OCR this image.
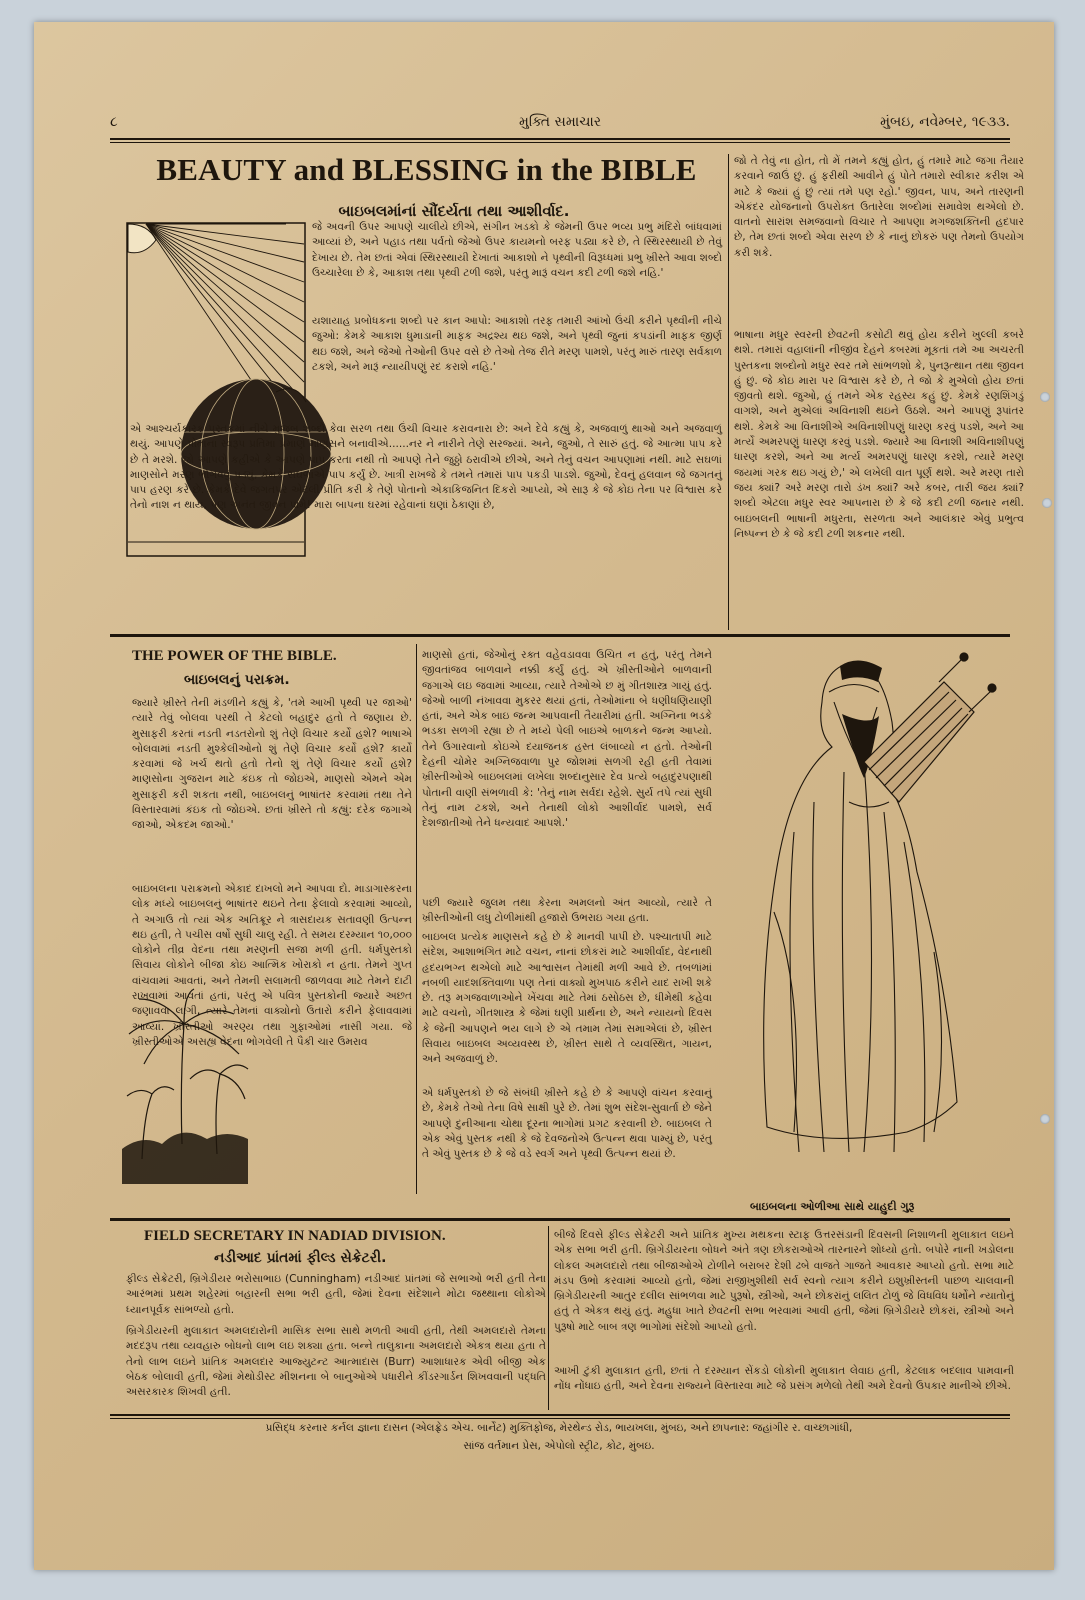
૮	મુક્તિ સમાચાર	મુંબઇ, નવેમ્બર, ૧૯૩૩.
BEAUTY and BLESSING in the BIBLE
બાઇબલમાંનાં સૌંદર્યતા તથા આશીર્વાદ.
જે અવની ઉપર આપણે ચાલીયે છીએ, સંગીન ખડકો કે જેમની ઉપર ભવ્ય પ્રભુ મંદિરો બાંધવામાં આવ્યાં છે, અને પહાડ તથા પર્વતો જેઓ ઉપર કાયમનો બરફ પડ્યા કરે છે, તે સ્થિરસ્થાયી છે તેવું દેખાય છે. તેમ છતાં એવાં સ્થિરસ્થાયી દેખાતાં આકાશો ને પૃથ્વીની વિરૂધ્ધમાં પ્રભુ ખ્રીસ્તે આવા શબ્દો ઉચ્ચારેલા છે કે, આકાશ તથા પૃથ્વી ટળી જશે, પરંતુ મારૂં વચન કદી ટળી જશે નહિ.'
યશાયાહ પ્રબોધકના શબ્દો પર કાન આપો: આકાશો તરફ તમારી આંખો ઉંચી કરીને પૃથ્વીની નીચે જુઓ: કેમકે આકાશ ધુમાડાની માફક અદ્રશ્ય થઇ જશે, અને પૃથ્વી જુનાં કપડાંની માફક જીર્ણ થઇ જશે, અને જેઓ તેઓની ઉપર વસે છે તેઓ તેજ રીતે મરણ પામશે, પરંતુ મારું તારણ સર્વકાળ ટકશે, અને મારૂં ન્યાયીપણું રદ કરાશે નહિ.'
એ આશ્ચર્યકારક પુસ્તકમાં નીચે મુજબ શબ્દો કેવા સરળ તથા ઉંચી વિચાર કરાવનારા છે: અને દેવે કહ્યું કે, અજવાળું થાઓ અને અજવાળું થયું. આપણે પોતાના સ્વરૂપ પ્રતિમા પ્રમાણે માણસને બનાવીએ......નર ને નારીને તેણે સરજ્યાં. અને, જુઓ, તે સારું હતું. જે આત્મા પાપ કરે છે તે મરશે. જો આપણે કહીએ કે આપણે પાપ કરતા નથી તો આપણે તેને જુઠ્ઠો ઠરાવીએ છીએ, અને તેનું વચન આપણામાં નથી. માટે સઘળાં માણસોને મરણ ભોગવવું પડ્યું, કેમકે સઘળાંએ પાપ કર્યું છે. ખાત્રી રાખજે કે તમને તમારાં પાપ પકડી પાડશે. જુઓ, દેવનું હલવાન જે જગતનું પાપ હરણ કરે છે. કેમકે દેવે જગતપર એટલી પ્રીતિ કરી કે તેણે પોતાનો એકાકિજનિત દિકરો આપ્યો, એ સારૂ કે જે કોઇ તેના પર વિશ્વાસ કરે તેનો નાશ ન થાય, પણ અનંત જીવન પામે! મારા બાપના ઘરમાં રહેવાનાં ઘણાં ઠેકાણાં છે,
જો તે તેવું ના હોત, તો મેં તમને કહ્યું હોત, હું તમારે માટે જગા તૈયાર કરવાને જાઉં છું. હું ફરીથી આવીને હું પોતે તમારો સ્વીકાર કરીશ એ માટે કે જ્યાં હું છું ત્યાં તમે પણ રહો.' જીવન, પાપ, અને તારણની એકંદર યોજનાનો ઉપરોક્ત ઉતારેલા શબ્દોમાં સમાવેશ થએલો છે. વાતનો સારાંશ સમજવાનો વિચાર તે આપણા મગજશક્તિની હદપાર છે, તેમ છતાં શબ્દો એવા સરળ છે કે નાનું છોકરું પણ તેમનો ઉપયોગ કરી શકે.
ભાષાના મધુર સ્વરની છેવટની કસોટી થવું હોય કરીને ખુલ્લી કબરે થશે. તમારાં વહાલાંની નીજીંવ દેહને કબરમાં મૂકતાં તમે આ અચરતી પુસ્તકના શબ્દોનો મધુર સ્વર તમે સાંભળશો કે, પુનરૂત્થાન તથા જીવન હું છું. જે કોઇ મારા પર વિશ્વાસ કરે છે, તે જો કે મુએલો હોય છતાં જીવતો થશે. જુઓ, હું તમને એક રહસ્ય કહું છું. કેમકે રણશિંગડું વાગશે, અને મુએલાં અવિનાશી થઇને ઉઠશે. અને આપણું રૂપાંતર થશે. કેમકે આ વિનાશીએ અવિનાશીપણું ધારણ કરવું પડશે, અને આ મર્ત્યે અમરપણું ધારણ કરવું પડશે. જ્યારે આ વિનાશી અવિનાશીપણું ધારણ કરશે, અને આ મર્ત્ય અમરપણું ધારણ કરશે, ત્યારે મરણ જયમાં ગરક થઇ ગયું છે,' એ લખેલી વાત પૂર્ણ થશે. અરે મરણ તારો જય ક્યાં? અરે મરણ તારો ડંખ ક્યાં? અરે કબર, તારી જય ક્યાં? શબ્દો એટલા મધુર સ્વર આપનારા છે કે જે કદી ટળી જનાર નથી. બાઇબલની ભાષાની મધુરતા, સરળતા અને આલંકાર એવું પ્રભુત્વ નિષ્પન્ન છે કે જે કદી ટળી શકનાર નથી.
THE POWER OF THE BIBLE.
બાઇબલનું પરાક્રમ.
જ્યારે ખ્રીસ્તે તેની મંડળીને કહ્યું કે, 'તમે આખી પૃથ્વી પર જાઓ' ત્યારે તેવું બોલવા પરથી તે કેટલો બહાદુર હતો તે જણાય છે. મુસાફરી કરતાં નડતી નડતરોનો શું તેણે વિચાર કર્યો હશે? ભાષાએ બોલવામાં નડતી મુશ્કેલીઓનો શું તેણે વિચાર કર્યો હશે? કાર્યો કરવામાં જે ખર્ચ થતો હતો તેનો શું તેણે વિચાર કર્યો હશે? માણસોના ગુજરાન માટે કંઇક તો જોઇએ, માણસો એમને એમ મુસાફરી કરી શકતા નથી, બાઇબલનું ભાષાંતર કરવામાં તથા તેને વિસ્તારવામાં કંઇક તો જોઇએ. છતાં ખ્રીસ્તે તો કહ્યું: દરેક જગાએ જાઓ, એકદમ જાઓ.'
બાઇબલના પરાક્રમનો એકાદ દાખલો મને આપવા દો. માડાગાસ્કરના લોક મધ્યે બાઇબલનું ભાષાંતર થઇને તેના ફેલાવો કરવામાં આવ્યો, તે અગાઉ તો ત્યાં એક અતિક્રૂર ને ત્રાસદાયક સતાવણી ઉત્પન્ન થઇ હતી, તે પચીસ વર્ષો સુધી ચાલુ રહી. તે સમય દરમ્યાન ૧૦,૦૦૦ લોકોને તીવ્ર વેદના તથા મરણની સજા મળી હતી. ધર્મપુસ્તકો સિવાય લોકોને બીજા કોઇ આત્મિક ખોરાકો ન હતા. તેમને ગુપ્ત વાંચવામાં આવતાં, અને તેમની સલામતી જાળવવા માટે તેમને દાટી રાખવામાં આવતાં હતાં, પરંતુ એ પવિત્ર પુસ્તકોની જ્યારે અછત જણાવવા લાગી, ત્યારે તેમનાં વાક્યોનો ઉતારો કરીને ફેલાવવામાં આવ્યાં. ખ્રીસ્તીઓ અરણ્ય તથા ગુફાઓમાં નાસી ગયા. જે ખ્રીસ્તીઓએ અસહ્ય વેદના ભોગવેલી તે પૈકી ચાર ઉમરાવ
માણસો હતાં, જેઓનું રક્ત વહેવડાવવા ઉચિત ન હતું, પરંતુ તેમને જીવતાંજવ બાળવાને નક્કી કર્યું હતું. એ ખ્રીસ્તીઓને બાળવાની જગાએ લઇ જવામાં આવ્યા, ત્યારે તેઓએ છ મું ગીતશાસ્ત્ર ગાયું હતું. જેઓ બાળી નંખાવવા મુકરર થયાં હતાં, તેઓમાંના બે ધણીધણિયાણી હતાં, અને એક બાઇ જન્મ આપવાની તૈયારીમાં હતી. અગ્નિના ભડકે ભડકા સળગી રહ્યા છે તે મધ્યે પેલી બાઇએ બાળકને જન્મ આપ્યો. તેને ઉગારવાનો કોઇએ દયાજનક હસ્ત લંબાવ્યો ન હતો. તેઓની દેહની ચોમેર અગ્નિજવાળા પુર જોશમાં સળગી રહી હતી તેવામાં ખ્રીસ્તીઓએ બાઇબલમાં લખેલા શબ્દાનુસાર દેવ પ્રત્યે બહાદુરપણાથી પોતાની વાણી સંભળાવી કે: 'તેનું નામ સર્વદા રહેશે. સુર્ય તપે ત્યાં સુધી તેનું નામ ટકશે, અને તેનાથી લોકો આશીર્વાદ પામશે, સર્વ દેશજાતીઓ તેને ધન્યવાદ આપશે.'
પછી જ્યારે જુલમ તથા કેરના અમલનો અંત આવ્યો, ત્યારે તે ખ્રીસ્તીઓની લધુ ટોળીમાંથી હજારો ઉભરાઇ ગયા હતા.
બાઇબલ પ્રત્યેક માણસને કહે છે કે માનવી પાપી છે. પશ્ચાતાપી માટે સંદેશ, આશાભંગિત માટે વચન, નાનાં છોકરાં માટે આશીર્વાદ, વેદનાથી હૃદયભગ્ન થએલો માટે આશ્વાસન તેમાંથી મળી આવે છે. તબળાંમાં નબળી યાદશક્તિવાળા પણ તેનાં વાક્યો મુખપાઠ કરીને યાદ રાખી શકે છે. તરૂ મગજવાળાઓને ખેંચવા માટે તેમાં ઠસોઠસ છે, ધીમેથી કહેવા માટે વચનો, ગીતશાસ્ત્ર કે જેમાં ઘણી પ્રાર્થના છે, અને ન્યાયનો દિવસ કે જેની આપણને ભય લાગે છે એ તમામ તેમાં સમાએલાં છે, ખ્રીસ્ત સિવાય બાઇબલ અવ્યવસ્થ છે, ખ્રીસ્ત સાથે તે વ્યવસ્થિત, ગાયન, અને અજવાળું છે.
એ ધર્મપુસ્તકો છે જે સંબંધી ખ્રીસ્તે કહે છે કે આપણે વાંચન કરવાનું છે, કેમકે તેઓ તેના વિષે સાક્ષી પુરે છે. તેમાં શુભ સંદેશ-સુવાર્તા છે જેને આપણે દુનીઆના ચોથા દૂરના ભાગોમાં પ્રગટ કરવાની છે. બાઇબલ તે એક એવું પુસ્તક નથી કે જે દેવજનોએ ઉત્પન્ન થવા પામ્યું છે, પરંતુ તે એવું પુસ્તક છે કે જે વડે સ્વર્ગ અને પૃથ્વી ઉત્પન્ન થયાં છે.
બાઇબલના ઓળીઆ સાથે યાહુદી ગુરૂ
FIELD SECRETARY IN NADIAD DIVISION.
નડીઆદ પ્રાંતમાં ફીલ્ડ સેક્રેટરી.
ફીલ્ડ સેક્રેટરી, બ્રિગેડીયર ભરોસાભાઇ (Cunningham) નડીઆદ પ્રાંતમાં જે સભાઓ ભરી હતી તેના આરંભમાં પ્રથમ શહેરમાં બહારની સભા ભરી હતી, જેમાં દેવના સંદેશાને મોટા જથ્થાના લોકોએ ધ્યાનપૂર્વક સાંભળ્યો હતો.
બ્રિગેડીયરની મુલાકાત અમલદારોની માસિક સભા સાથે મળતી આવી હતી, તેથી અમલદારો તેમના મદદરૂપ તથા વ્યવહારુ બોધનો લાભ લઇ શક્યા હતા. બન્ને તાલુકાના અમલદારો એકત્ર થયા હતા તે તેનો લાભ લઇને પ્રાંતિક અમલદાર આજ્યુટન્ટ આત્માદાસ (Burr) આશાધારક એવી બીજી એક બેઠક બોલાવી હતી, જેમાં મેથોડીસ્ટ મીશનના બે બાનુઓએ પધારીને કીંડરગાર્ડન શિખવવાની પદ્ધતિ અસરકારક શિખવી હતી.
બીજે દિવસે ફીલ્ડ સેક્રેટરી અને પ્રાંતિક મુખ્ય મથકના સ્ટાફ ઉત્તરસંડાની દિવસની નિશાળની મુલાકાત લઇને એક સભા ભરી હતી. બ્રિગેડીયરના બોધને અંતે ત્રણ છોકરાઓએ તારનારને શોધ્યો હતો. બપોરે નાની ખડોલના લોકલ અમલદારો તથા બીજાઓએ ટોળીને બરાબર દેશી ઢબે વાજતે ગાજતે આવકાર આપ્યો હતો. સભા માટે મંડપ ઉભો કરવામાં આવ્યો હતો, જેમાં રાજીખુશીથી સર્વ સ્વનો ત્યાગ કરીને ઇશુખ્રીસ્તની પાછળ ચાલવાની બ્રિગેડીયરની આતુર દલીલ સાંભળવા માટે પુરૂષો, સ્ત્રીઓ, અને છોકરાંનું લલિત ટોળું જે વિધવિધ ધર્મોને ન્યાતોનું હતું તે એકત્ર થયું હતું. મહુધા ખાતે છેવટની સભા ભરવામાં આવી હતી, જેમાં બ્રિગેડીયરે છોકરાં, સ્ત્રીઓ અને પુરૂષો માટે બાબ ત્રણ ભાગોમાં સંદેશો આપ્યો હતો.
આખી ટુંકી મુલાકાત હતી, છતાં તે દરમ્યાન સેંકડો લોકોની મુલાકાત લેવાઇ હતી, કેટલાક બદલાવ પામવાની નોંધ નોંધાઇ હતી, અને દેવના રાજ્યને વિસ્તારવા માટે જે પ્રસંગ મળેલો તેથી અમે દેવનો ઉપકાર માનીએ છીએ.
પ્રસિદ્ધ કરનાર કર્નલ જ્ઞાના દાસન (એલફ્રેડ એચ. બાર્નેટ) મુક્તિફોજ, મેરથેન્ડ રોડ, ભાયખલા, મુંબઇ, અને છાપનાર: જહાંગીર ર. વાચ્છાગાંધી,
સાંજ વર્તમાન પ્રેસ, એપોલો સ્ટ્રીટ, કોટ, મુંબઇ.
